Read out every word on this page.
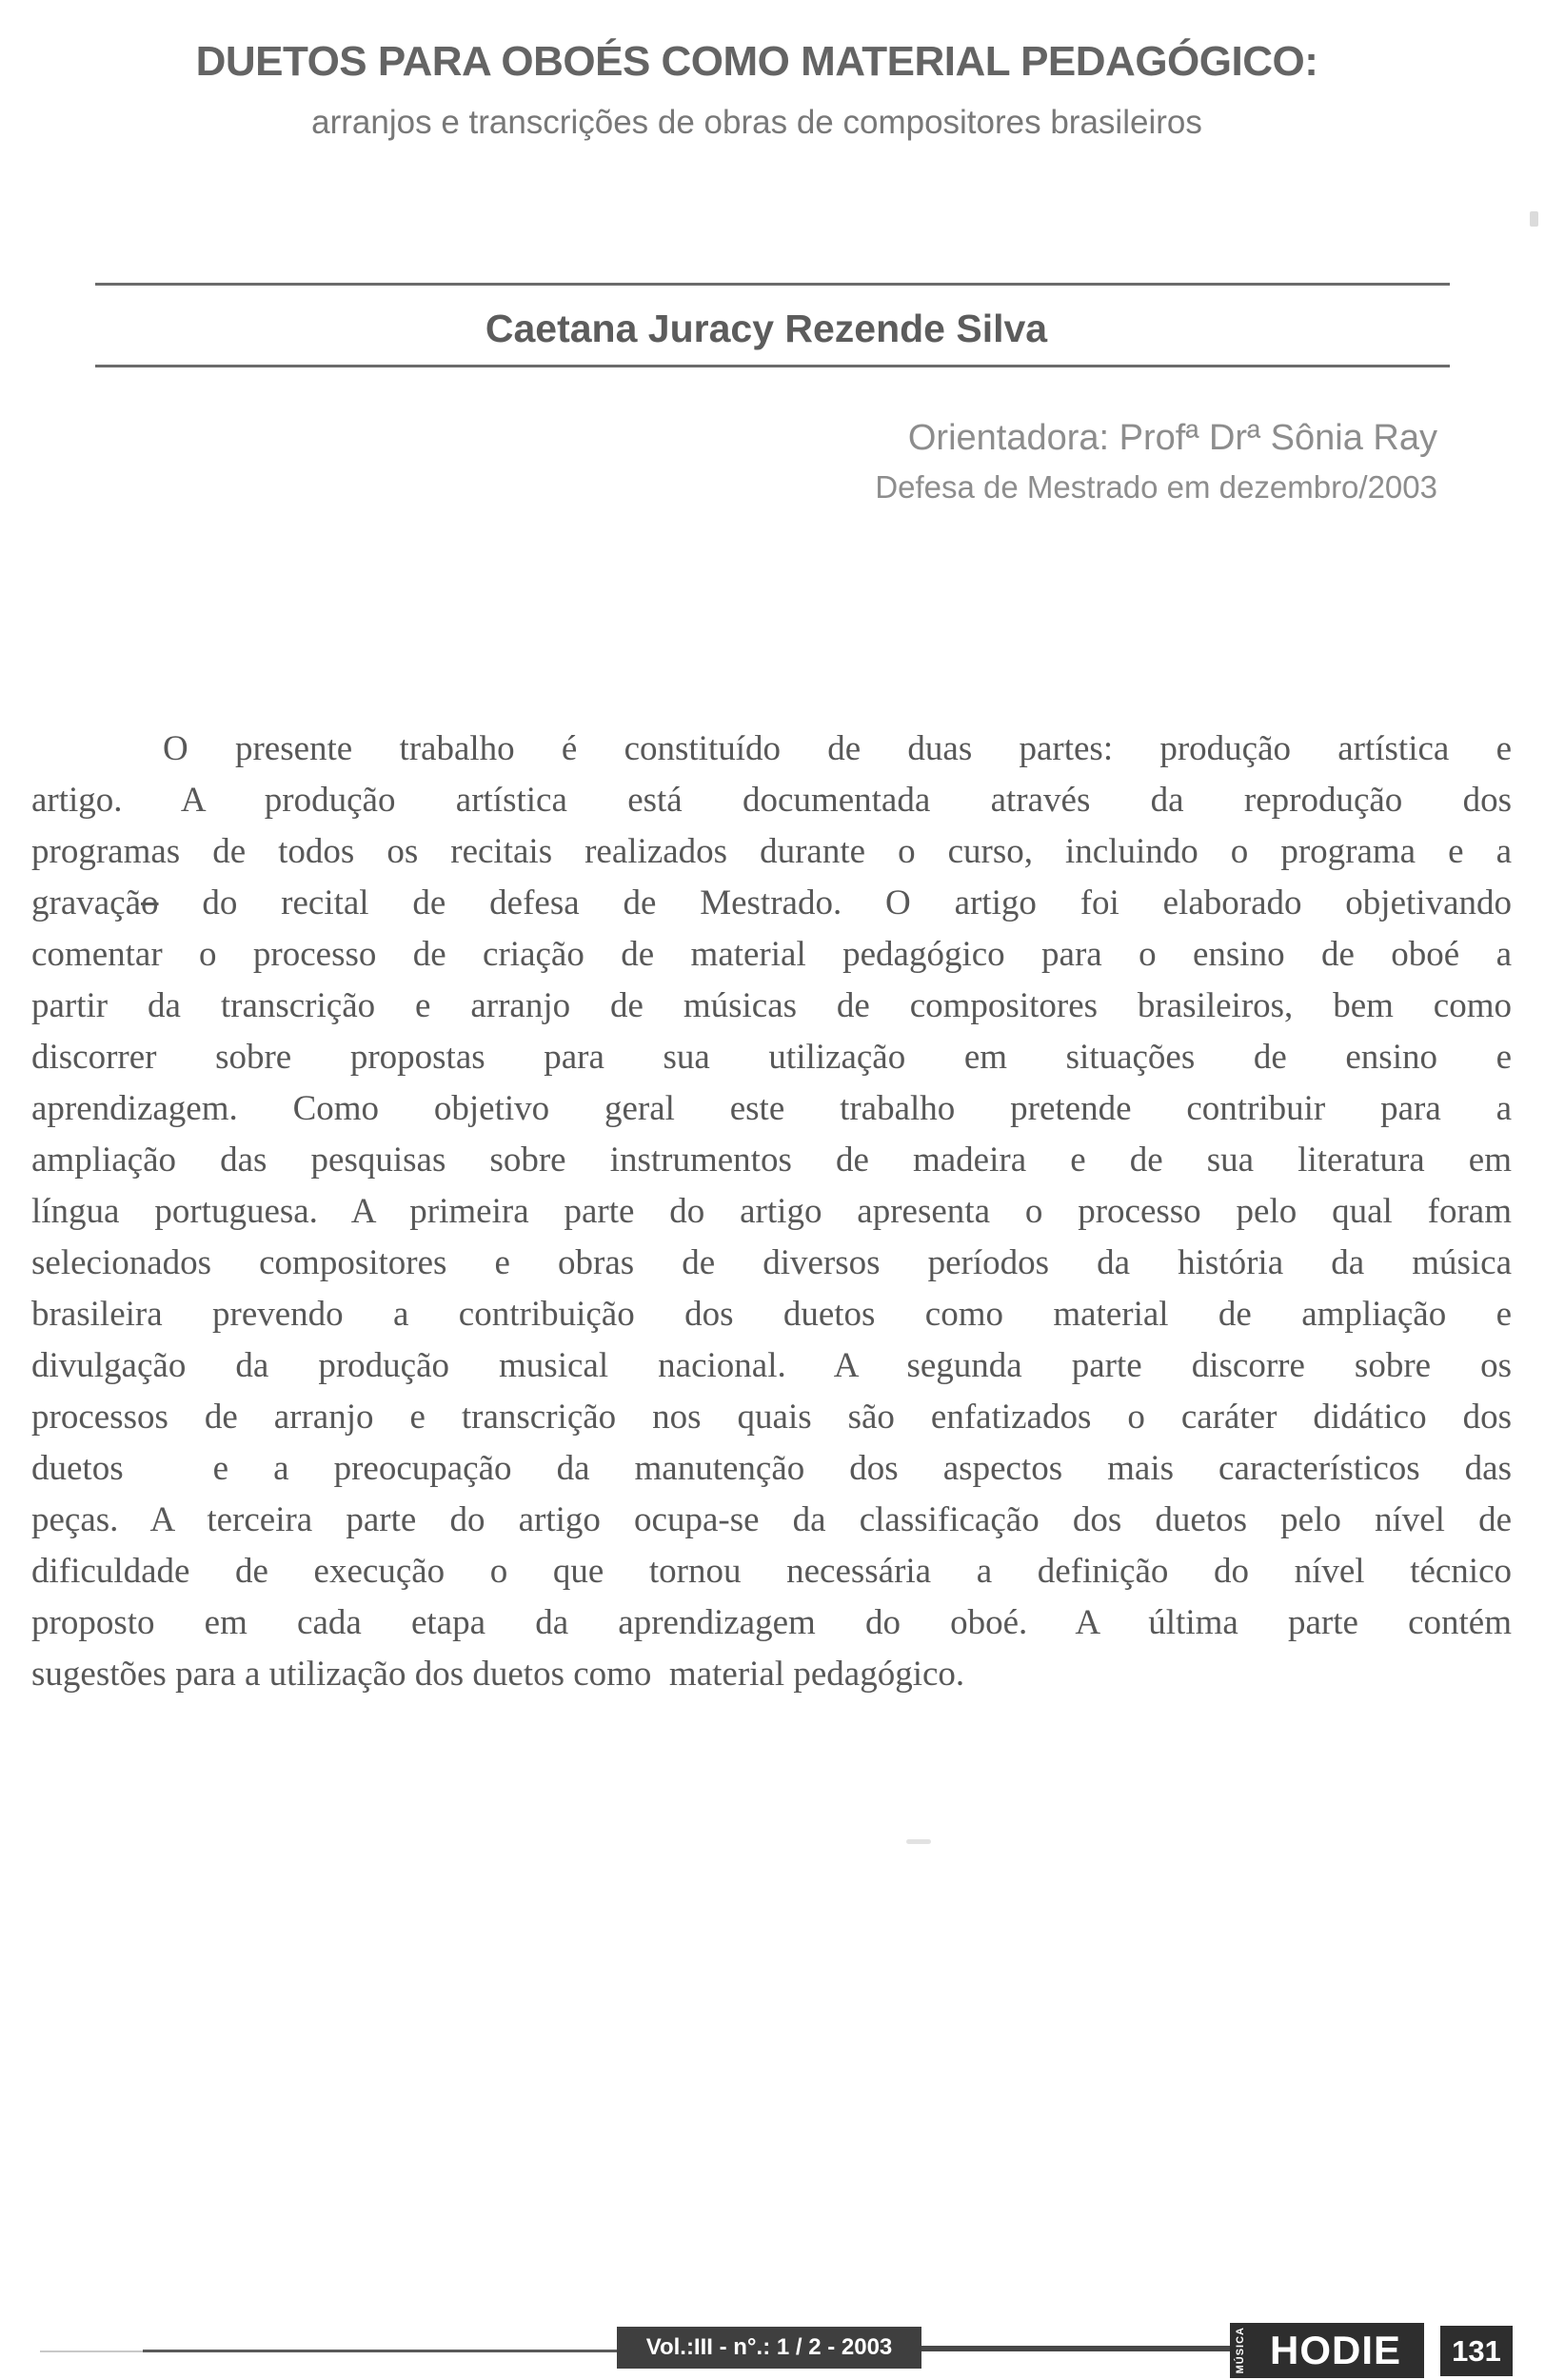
DUETOS PARA OBOÉS COMO MATERIAL PEDAGÓGICO:
arranjos e transcrições de obras de compositores brasileiros
Caetana Juracy Rezende Silva
Orientadora: Profª Drª Sônia Ray
Defesa de Mestrado em dezembro/2003
O presente trabalho é constituído de duas partes: produção artística e
artigo. A produção artística está documentada através da reprodução dos
programas de todos os recitais realizados durante o curso, incluindo o programa e a
gravação do recital de defesa de Mestrado. O artigo foi elaborado objetivando
comentar o processo de criação de material pedagógico para o ensino de oboé a
partir da transcrição e arranjo de músicas de compositores brasileiros, bem como
discorrer sobre propostas para sua utilização em situações de ensino e
aprendizagem. Como objetivo geral este trabalho pretende contribuir para a
ampliação das pesquisas sobre instrumentos de madeira e de sua literatura em
língua portuguesa. A primeira parte do artigo apresenta o processo pelo qual foram
selecionados compositores e obras de diversos períodos da história da música
brasileira prevendo a contribuição dos duetos como material de ampliação e
divulgação da produção musical nacional. A segunda parte discorre sobre os
processos de arranjo e transcrição nos quais são enfatizados o caráter didático dos
duetos  e a preocupação da manutenção dos aspectos mais característicos das
peças. A terceira parte do artigo ocupa-se da classificação dos duetos pelo nível de
dificuldade de execução o que tornou necessária a definição do nível técnico
proposto em cada etapa da aprendizagem do oboé. A última parte contém
sugestões para a utilização dos duetos como  material pedagógico.
Vol.:III - n°.: 1 / 2 - 2003	MÚSICA HODIE	131
